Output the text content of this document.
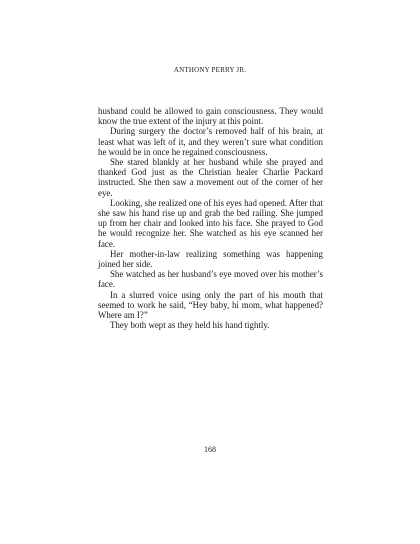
ANTHONY PERRY JR.

husband could be allowed to gain consciousness. They would know the true extent of the injury at this point.

During surgery the doctor’s removed half of his brain, at least what was left of it, and they weren’t sure what condition he would be in once he regained consciousness.

She stared blankly at her husband while she prayed and thanked God just as the Christian healer Charlie Packard instructed. She then saw a movement out of the corner of her eye.

Looking, she realized one of his eyes had opened. After that she saw his hand rise up and grab the bed railing. She jumped up from her chair and looked into his face. She prayed to God he would recognize her. She watched as his eye scanned her face.

Her mother-in-law realizing something was happening joined her side.

She watched as her husband’s eye moved over his mother’s face.

In a slurred voice using only the part of his mouth that seemed to work he said, “Hey baby, hi mom, what happened? Where am I?”

They both wept as they held his hand tightly.

168
